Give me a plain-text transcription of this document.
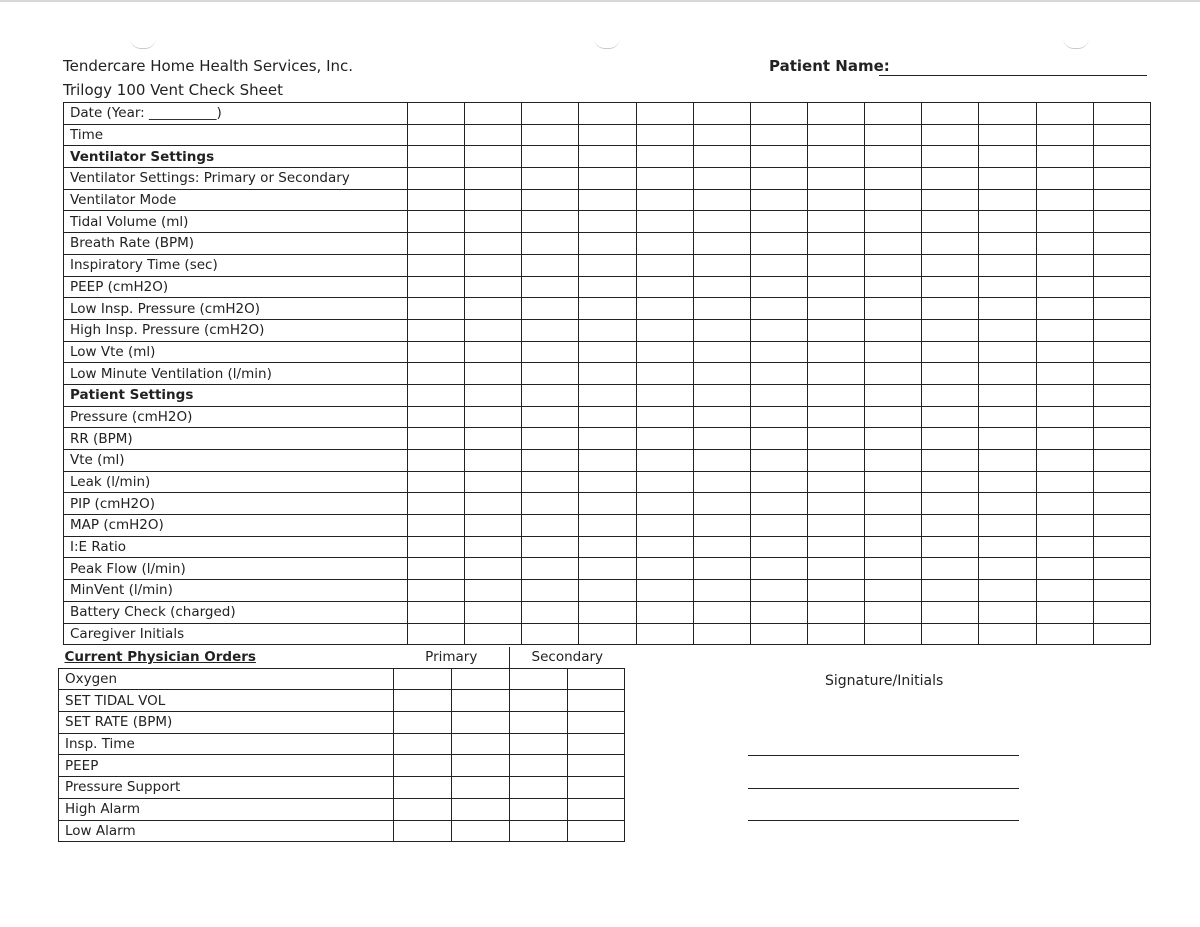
Tendercare Home Health Services, Inc.
Trilogy 100 Vent Check Sheet
Patient Name:
Date (Year: __________)													
Time													
Ventilator Settings													
Ventilator Settings: Primary or Secondary													
Ventilator Mode													
Tidal Volume (ml)													
Breath Rate (BPM)													
Inspiratory Time (sec)													
PEEP (cmH2O)													
Low Insp. Pressure (cmH2O)													
High Insp. Pressure (cmH2O)													
Low Vte (ml)													
Low Minute Ventilation (l/min)													
Patient Settings													
Pressure (cmH2O)													
RR (BPM)													
Vte (ml)													
Leak (l/min)													
PIP (cmH2O)													
MAP (cmH2O)													
I:E Ratio													
Peak Flow (l/min)													
MinVent (l/min)													
Battery Check (charged)													
Caregiver Initials													
Current Physician Orders	Primary		Secondary	
Oxygen				
SET TIDAL VOL				
SET RATE (BPM)				
Insp. Time				
PEEP				
Pressure Support				
High Alarm				
Low Alarm				
Signature/Initials
